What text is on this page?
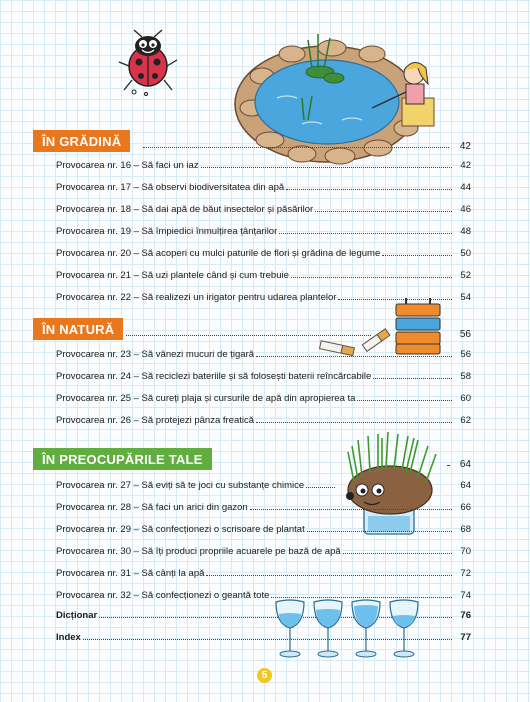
ÎN GRĂDINĂ	42
Provocarea nr. 16 – Să faci un iaz	42
Provocarea nr. 17 – Să observi biodiversitatea din apă	44
Provocarea nr. 18 – Să dai apă de băut insectelor și păsărilor	46
Provocarea nr. 19 – Să împiedici înmulțirea țânțarilor	48
Provocarea nr. 20 – Să acoperi cu mulci paturile de flori și grădina de legume	50
Provocarea nr. 21 – Să uzi plantele când și cum trebuie	52
Provocarea nr. 22 – Să realizezi un irigator pentru udarea plantelor	54
ÎN NATURĂ	56
Provocarea nr. 23 – Să vânezi mucuri de țigară	56
Provocarea nr. 24 – Să reciclezi bateriile și să folosești baterii reîncărcabile	58
Provocarea nr. 25 – Să cureți plaja și cursurile de apă din apropierea ta	60
Provocarea nr. 26 – Să protejezi pânza freatică	62
ÎN PREOCUPĂRILE TALE	64
Provocarea nr. 27 – Să eviți să te joci cu substanțe chimice	64
Provocarea nr. 28 – Să faci un arici din gazon	66
Provocarea nr. 29 – Să confecționezi o scrisoare de plantat	68
Provocarea nr. 30 – Să îți produci propriile acuarele pe bază de apă	70
Provocarea nr. 31 – Să cânți la apă	72
Provocarea nr. 32 – Să confecționezi o geantă tote	74
Dicționar	76
Index	77
5
